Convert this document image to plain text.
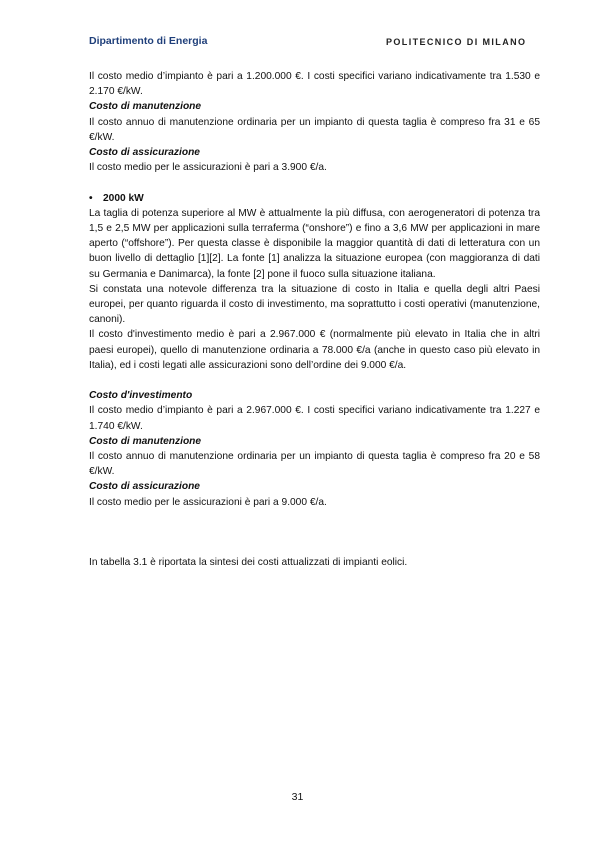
Dipartimento di Energia	POLITECNICO DI MILANO

Il costo medio d’impianto è pari a 1.200.000 €. I costi specifici variano indicativamente tra 1.530 e 2.170 €/kW.

Costo di manutenzione

Il costo annuo di manutenzione ordinaria per un impianto di questa taglia è compreso fra 31 e 65 €/kW.

Costo di assicurazione

Il costo medio per le assicurazioni è pari a 3.900 €/a.

• 2000 kW

La taglia di potenza superiore al MW è attualmente la più diffusa, con aerogeneratori di potenza tra 1,5 e 2,5 MW per applicazioni sulla terraferma (“onshore”) e fino a 3,6 MW per applicazioni in mare aperto (“offshore”). Per questa classe è disponibile la maggior quantità di dati di letteratura con un buon livello di dettaglio [1][2]. La fonte [1] analizza la situazione europea (con maggioranza di dati su Germania e Danimarca), la fonte [2] pone il fuoco sulla situazione italiana.

Si constata una notevole differenza tra la situazione di costo in Italia e quella degli altri Paesi europei, per quanto riguarda il costo di investimento, ma soprattutto i costi operativi (manutenzione, canoni).

Il costo d'investimento medio è pari a 2.967.000 € (normalmente più elevato in Italia che in altri paesi europei), quello di manutenzione ordinaria a 78.000 €/a (anche in questo caso più elevato in Italia), ed i costi legati alle assicurazioni sono dell’ordine dei 9.000 €/a.

Costo d'investimento

Il costo medio d’impianto è pari a 2.967.000 €. I costi specifici variano indicativamente tra 1.227 e 1.740 €/kW.

Costo di manutenzione

Il costo annuo di manutenzione ordinaria per un impianto di questa taglia è compreso fra 20 e 58 €/kW.

Costo di assicurazione

Il costo medio per le assicurazioni è pari a 9.000 €/a.

In tabella 3.1 è riportata la sintesi dei costi attualizzati di impianti eolici.

31
